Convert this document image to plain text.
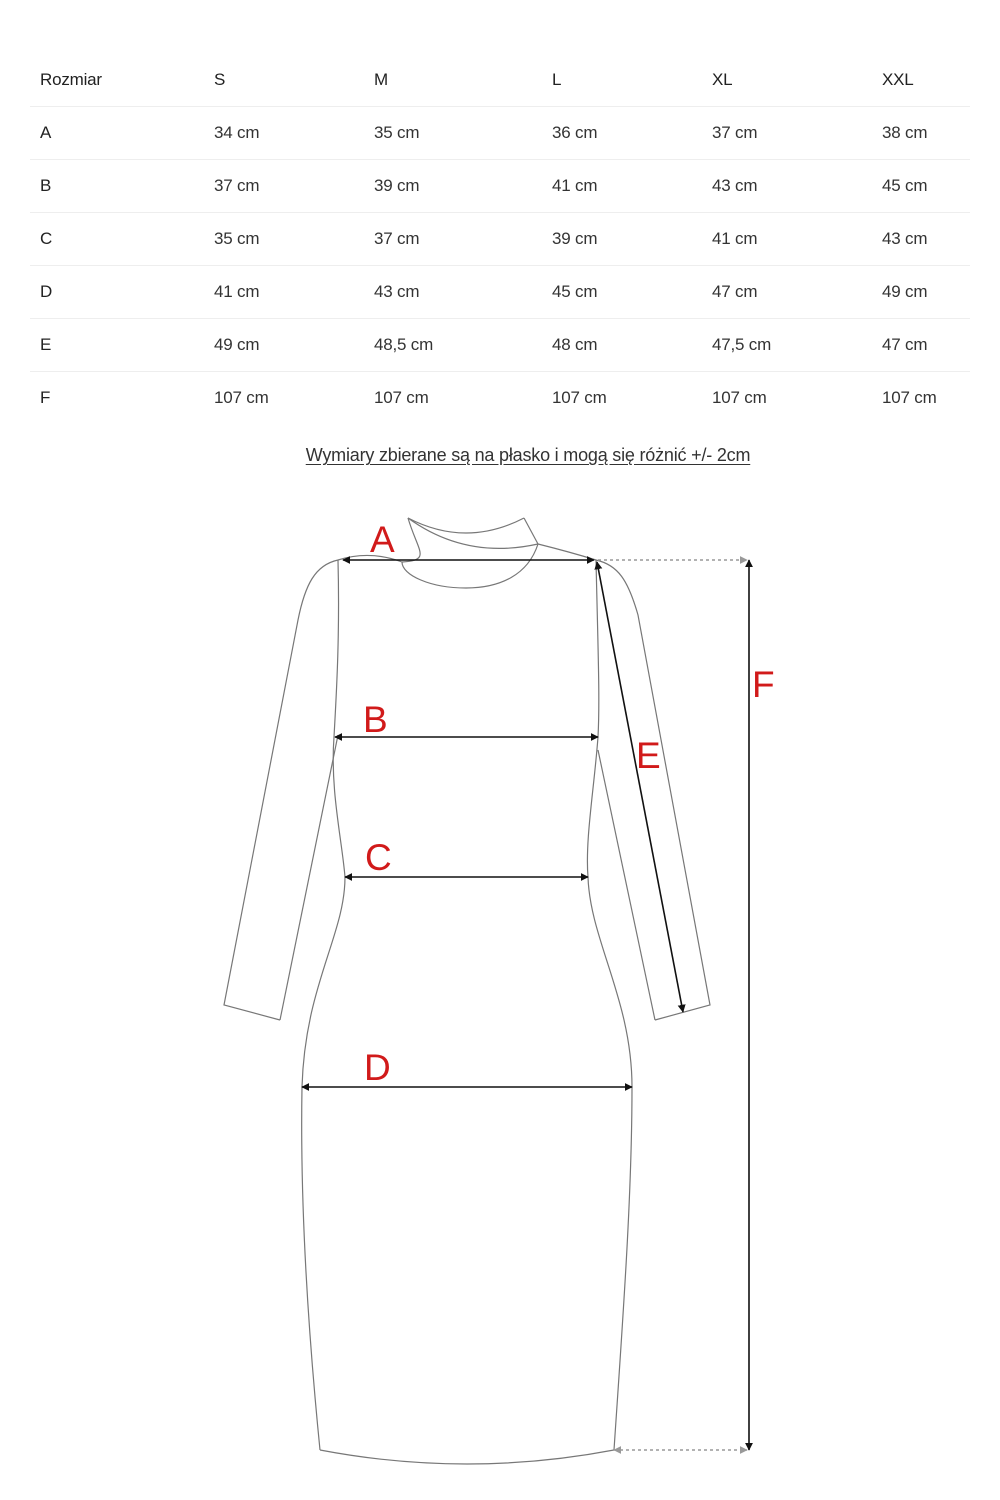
Rozmiar	S	M	L	XL	XXL
A	34 cm	35 cm	36 cm	37 cm	38 cm
B	37 cm	39 cm	41 cm	43 cm	45 cm
C	35 cm	37 cm	39 cm	41 cm	43 cm
D	41 cm	43 cm	45 cm	47 cm	49 cm
E	49 cm	48,5 cm	48 cm	47,5 cm	47 cm
F	107 cm	107 cm	107 cm	107 cm	107 cm
Wymiary zbierane są na płasko i mogą się różnić +/- 2cm
A
B
C
D
E
F
